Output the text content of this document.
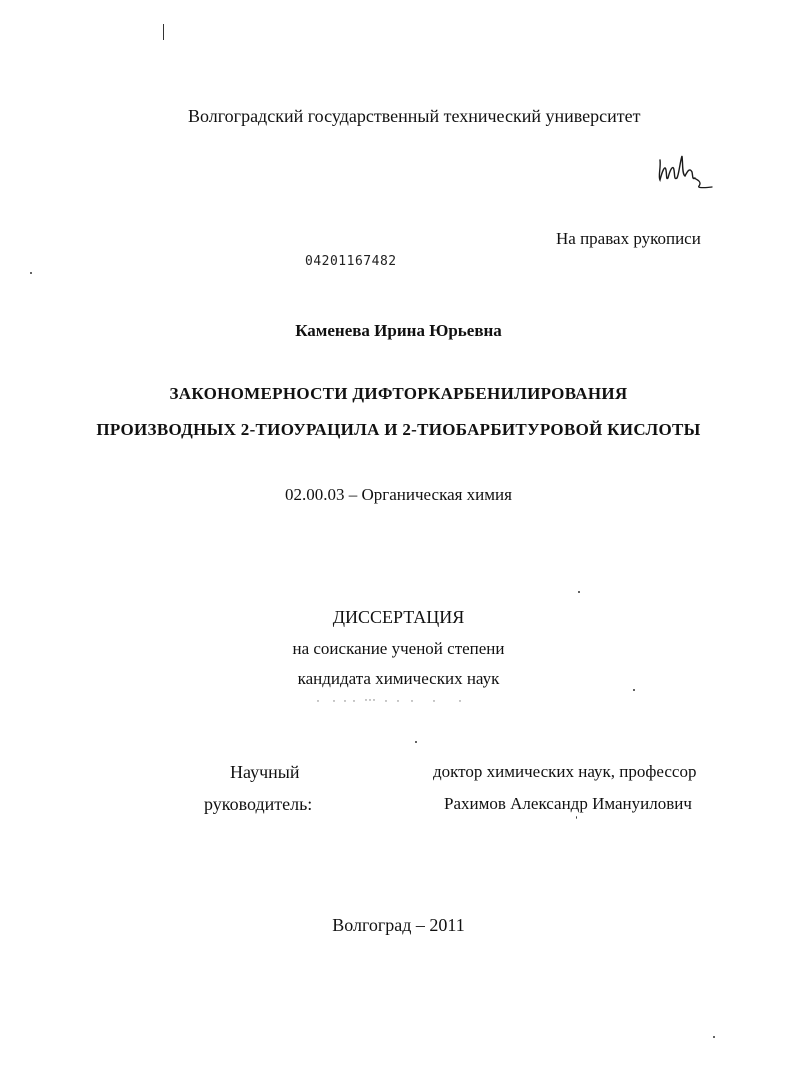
Волгоградский государственный технический университет
На правах рукописи
04201167482
Каменева Ирина Юрьевна
ЗАКОНОМЕРНОСТИ ДИФТОРКАРБЕНИЛИРОВАНИЯ
ПРОИЗВОДНЫХ 2-ТИОУРАЦИЛА И 2-ТИОБАРБИТУРОВОЙ КИСЛОТЫ
02.00.03 – Органическая химия
ДИССЕРТАЦИЯ
на соискание ученой степени
кандидата химических наук
Научный
руководитель:
доктор химических наук, профессор
Рахимов Александр Имануилович
Волгоград – 2011
